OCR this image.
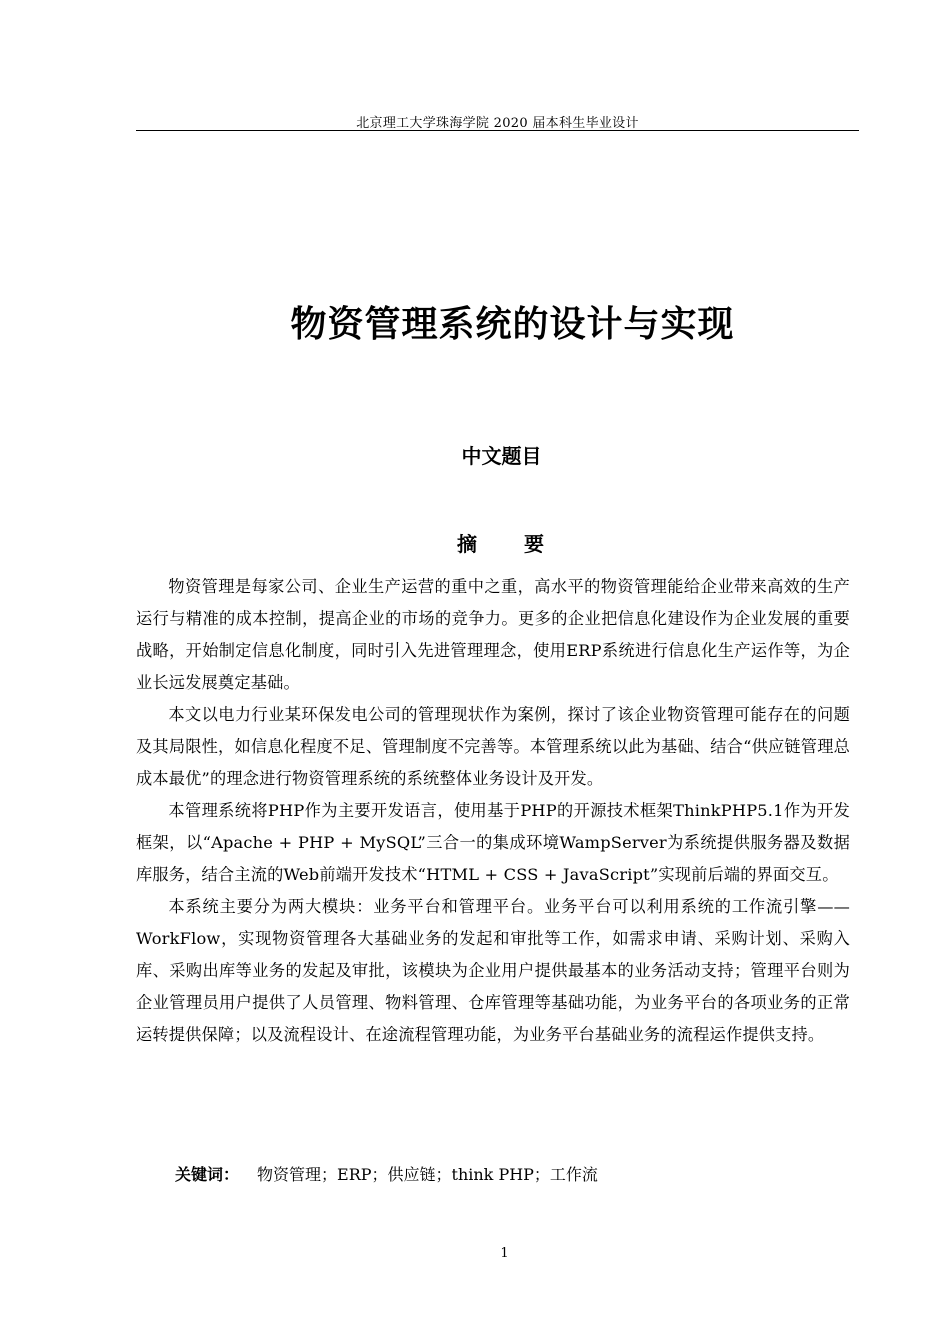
北京理工大学珠海学院 2020 届本科生毕业设计
物资管理系统的设计与实现
中文题目
摘 要

物资管理是每家公司、企业生产运营的重中之重，高水平的物资管理能给企业带来高效的生产运行与精准的成本控制，提高企业的市场的竞争力。更多的企业把信息化建设作为企业发展的重要战略，开始制定信息化制度，同时引入先进管理理念，使用ERP系统进行信息化生产运作等，为企业长远发展奠定基础。

本文以电力行业某环保发电公司的管理现状作为案例，探讨了该企业物资管理可能存在的问题及其局限性，如信息化程度不足、管理制度不完善等。本管理系统以此为基础、结合“供应链管理总成本最优”的理念进行物资管理系统的系统整体业务设计及开发。

本管理系统将PHP作为主要开发语言，使用基于PHP的开源技术框架ThinkPHP5.1作为开发框架，以“Apache + PHP + MySQL”三合一的集成环境WampServer为系统提供服务器及数据库服务，结合主流的Web前端开发技术“HTML + CSS + JavaScript”实现前后端的界面交互。

本系统主要分为两大模块：业务平台和管理平台。业务平台可以利用系统的工作流引擎——WorkFlow，实现物资管理各大基础业务的发起和审批等工作，如需求申请、采购计划、采购入库、采购出库等业务的发起及审批，该模块为企业用户提供最基本的业务活动支持；管理平台则为企业管理员用户提供了人员管理、物料管理、仓库管理等基础功能，为业务平台的各项业务的正常运转提供保障；以及流程设计、在途流程管理功能，为业务平台基础业务的流程运作提供支持。

关键词： 物资管理；ERP；供应链；think PHP；工作流
1
